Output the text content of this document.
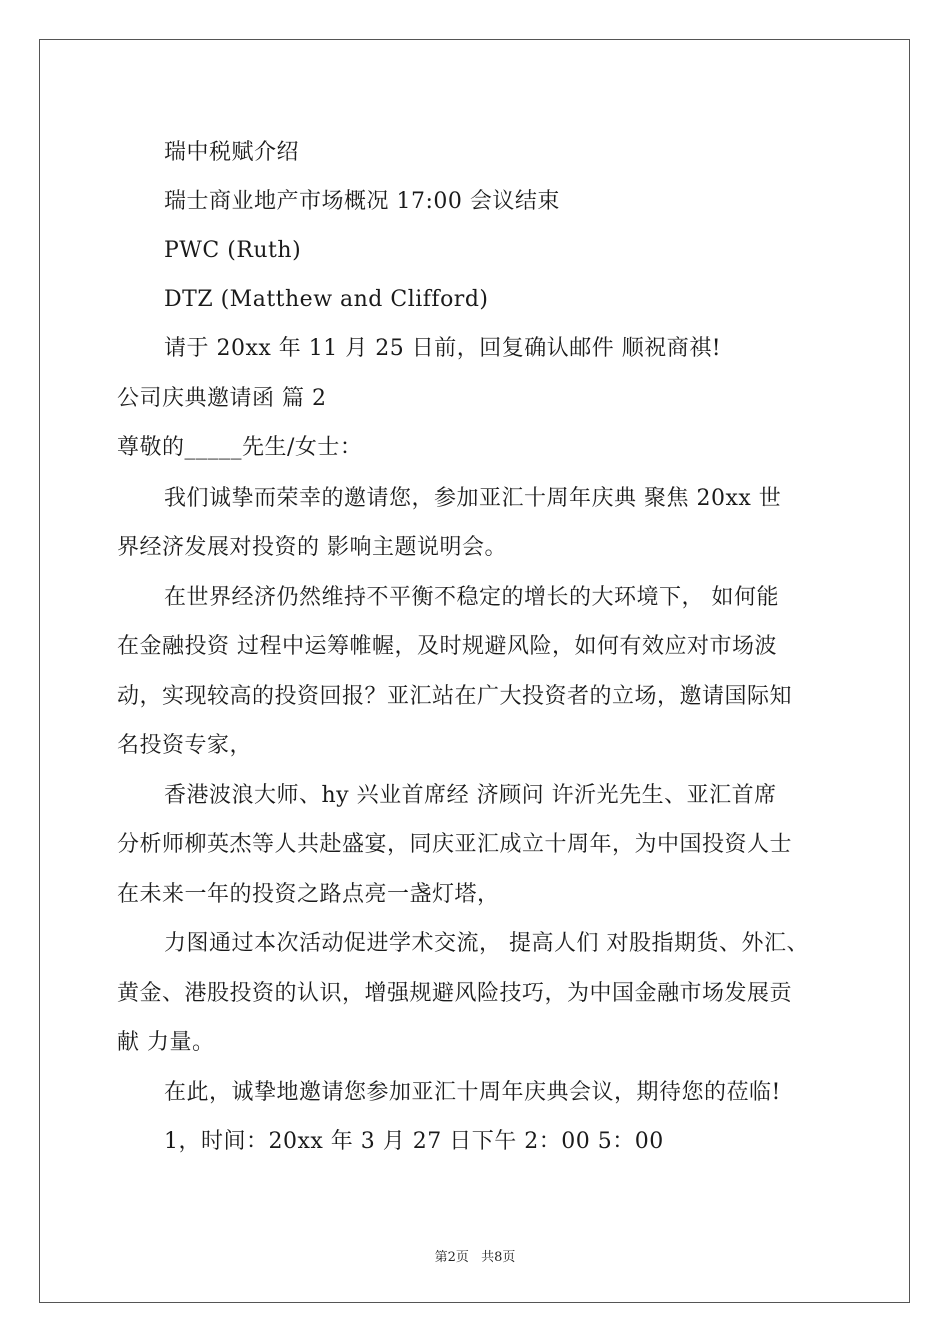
瑞中税赋介绍
瑞士商业地产市场概况 17:00 会议结束
PWC (Ruth)
DTZ (Matthew and Clifford)
请于 20xx 年 11 月 25 日前，回复确认邮件 顺祝商祺!
公司庆典邀请函 篇 2
尊敬的_____先生/女士：
我们诚挚而荣幸的邀请您，参加亚汇十周年庆典 聚焦 20xx 世
界经济发展对投资的 影响主题说明会。
在世界经济仍然维持不平衡不稳定的增长的大环境下， 如何能
在金融投资 过程中运筹帷幄，及时规避风险，如何有效应对市场波
动，实现较高的投资回报？亚汇站在广大投资者的立场，邀请国际知
名投资专家，
香港波浪大师、hy 兴业首席经 济顾问 许沂光先生、亚汇首席
分析师柳英杰等人共赴盛宴，同庆亚汇成立十周年，为中国投资人士
在未来一年的投资之路点亮一盏灯塔，
力图通过本次活动促进学术交流， 提高人们 对股指期货、外汇、
黄金、港股投资的认识，增强规避风险技巧，为中国金融市场发展贡
献 力量。
在此，诚挚地邀请您参加亚汇十周年庆典会议，期待您的莅临!
1，时间：20xx 年 3 月 27 日下午 2：00 5：00
第2页 共8页
